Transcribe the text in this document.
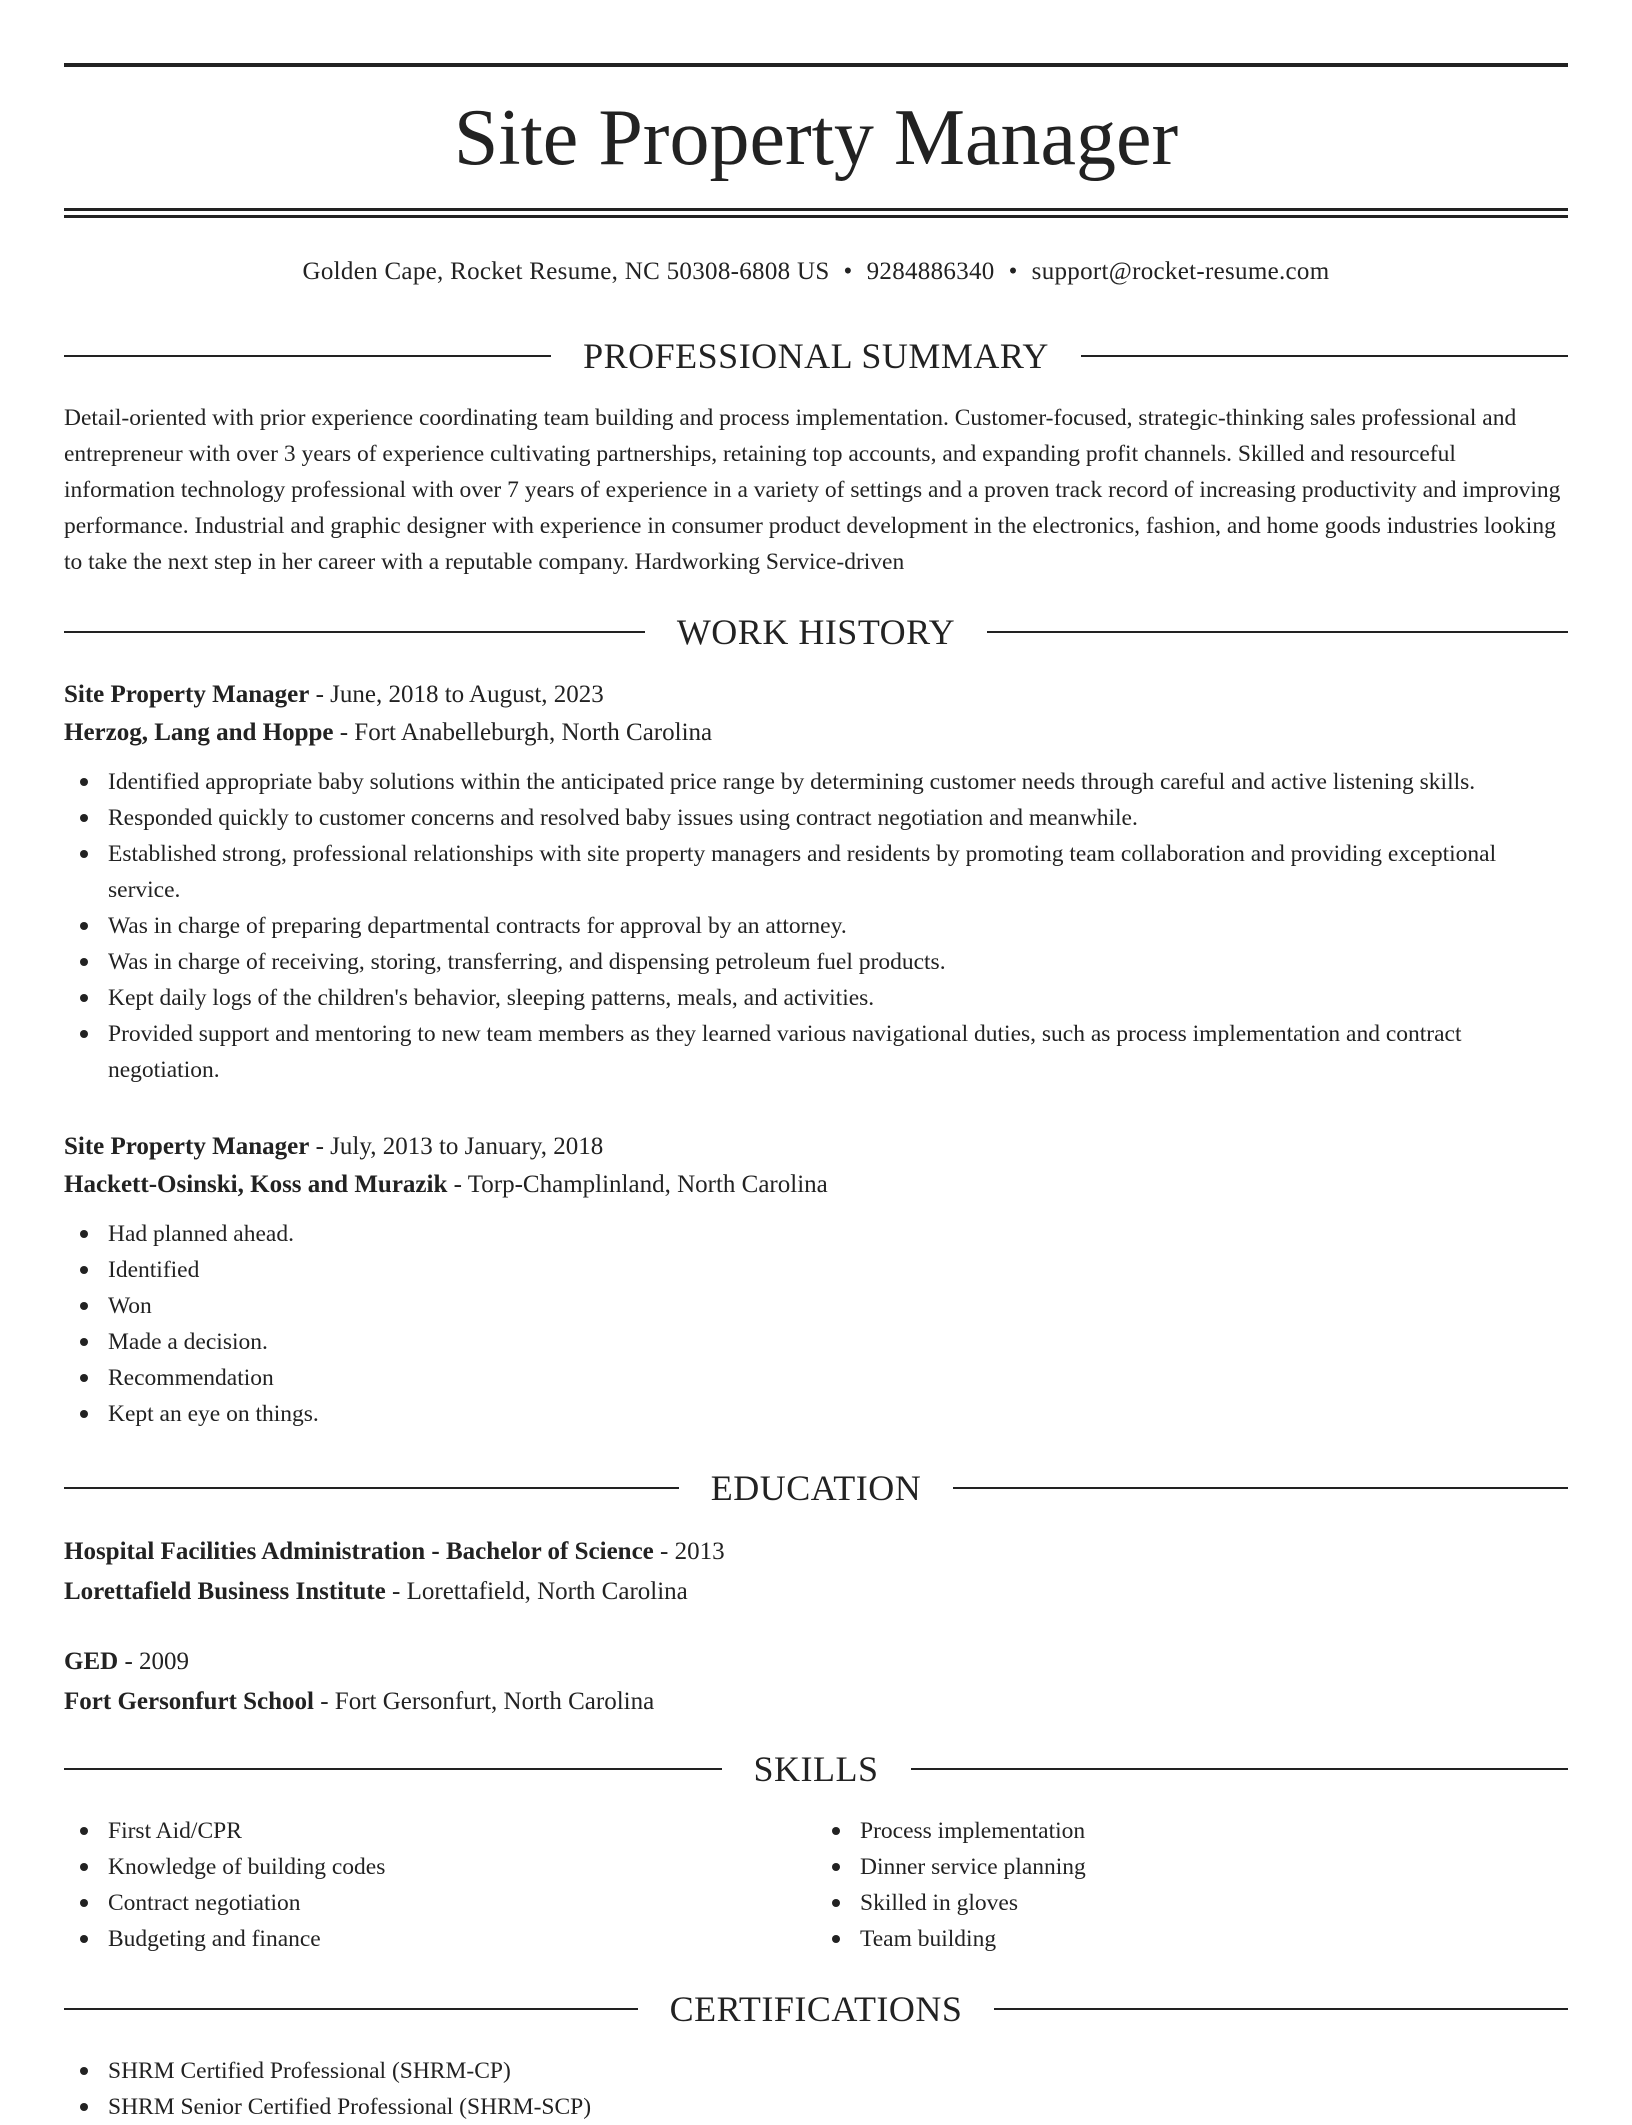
Site Property Manager
Golden Cape, Rocket Resume, NC 50308-6808 US • 9284886340 • support@rocket-resume.com
PROFESSIONAL SUMMARY

Detail-oriented with prior experience coordinating team building and process implementation. Customer-focused, strategic-thinking sales professional and entrepreneur with over 3 years of experience cultivating partnerships, retaining top accounts, and expanding profit channels. Skilled and resourceful information technology professional with over 7 years of experience in a variety of settings and a proven track record of increasing productivity and improving performance. Industrial and graphic designer with experience in consumer product development in the electronics, fashion, and home goods industries looking to take the next step in her career with a reputable company. Hardworking Service-driven

WORK HISTORY
Site Property Manager - June, 2018 to August, 2023
Herzog, Lang and Hoppe - Fort Anabelleburgh, North Carolina
Identified appropriate baby solutions within the anticipated price range by determining customer needs through careful and active listening skills.
Responded quickly to customer concerns and resolved baby issues using contract negotiation and meanwhile.
Established strong, professional relationships with site property managers and residents by promoting team collaboration and providing exceptional service.
Was in charge of preparing departmental contracts for approval by an attorney.
Was in charge of receiving, storing, transferring, and dispensing petroleum fuel products.
Kept daily logs of the children's behavior, sleeping patterns, meals, and activities.
Provided support and mentoring to new team members as they learned various navigational duties, such as process implementation and contract negotiation.
Site Property Manager - July, 2013 to January, 2018
Hackett-Osinski, Koss and Murazik - Torp-Champlinland, North Carolina
Had planned ahead.
Identified
Won
Made a decision.
Recommendation
Kept an eye on things.
EDUCATION
Hospital Facilities Administration - Bachelor of Science - 2013
Lorettafield Business Institute - Lorettafield, North Carolina
GED - 2009
Fort Gersonfurt School - Fort Gersonfurt, North Carolina
SKILLS
First Aid/CPR
Knowledge of building codes
Contract negotiation
Budgeting and finance
Process implementation
Dinner service planning
Skilled in gloves
Team building
CERTIFICATIONS
SHRM Certified Professional (SHRM-CP)
SHRM Senior Certified Professional (SHRM-SCP)
